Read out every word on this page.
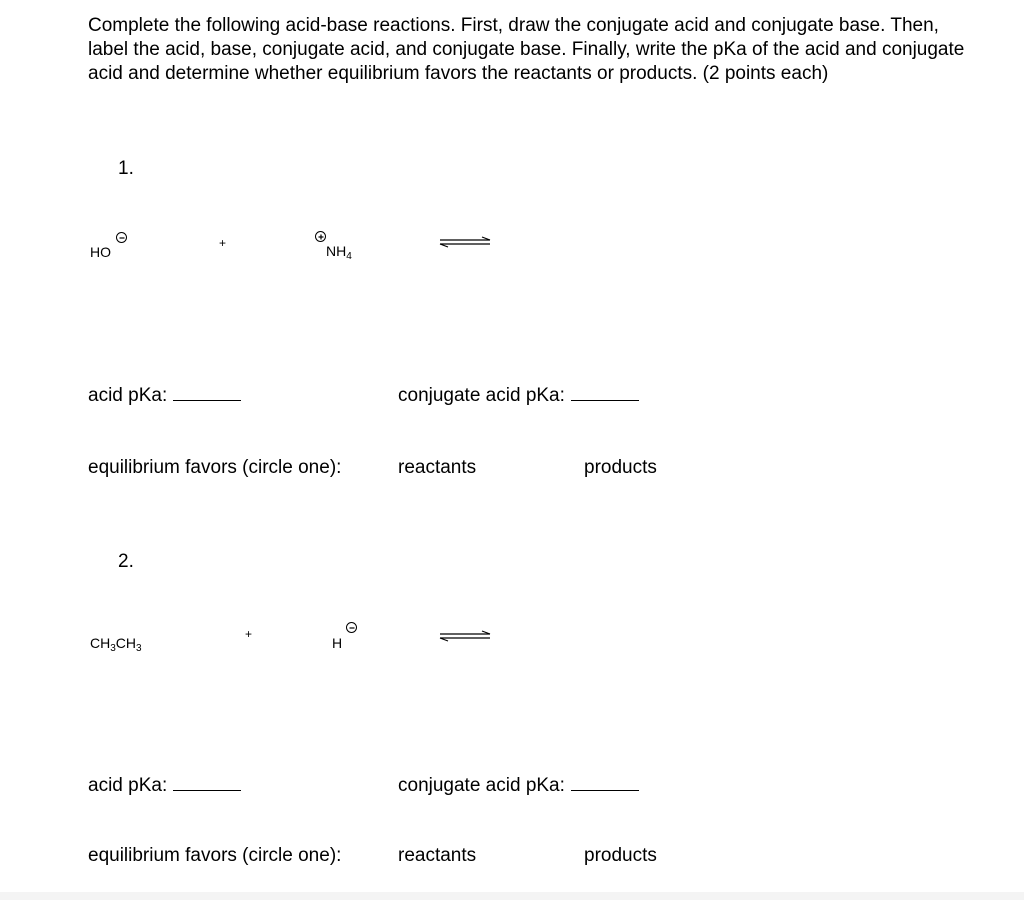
Complete the following acid-base reactions. First, draw the conjugate acid and conjugate base. Then, label the acid, base, conjugate acid, and conjugate base. Finally, write the pKa of the acid and conjugate acid and determine whether equilibrium favors the reactants or products. (2 points each)
1.
HO
+	$NH_4$
acid pKa:	conjugate acid pKa:
equilibrium favors (circle one):	reactants	products
2.
$CH_3CH_3$
+
H
acid pKa:	conjugate acid pKa:
equilibrium favors (circle one):	reactants	products
